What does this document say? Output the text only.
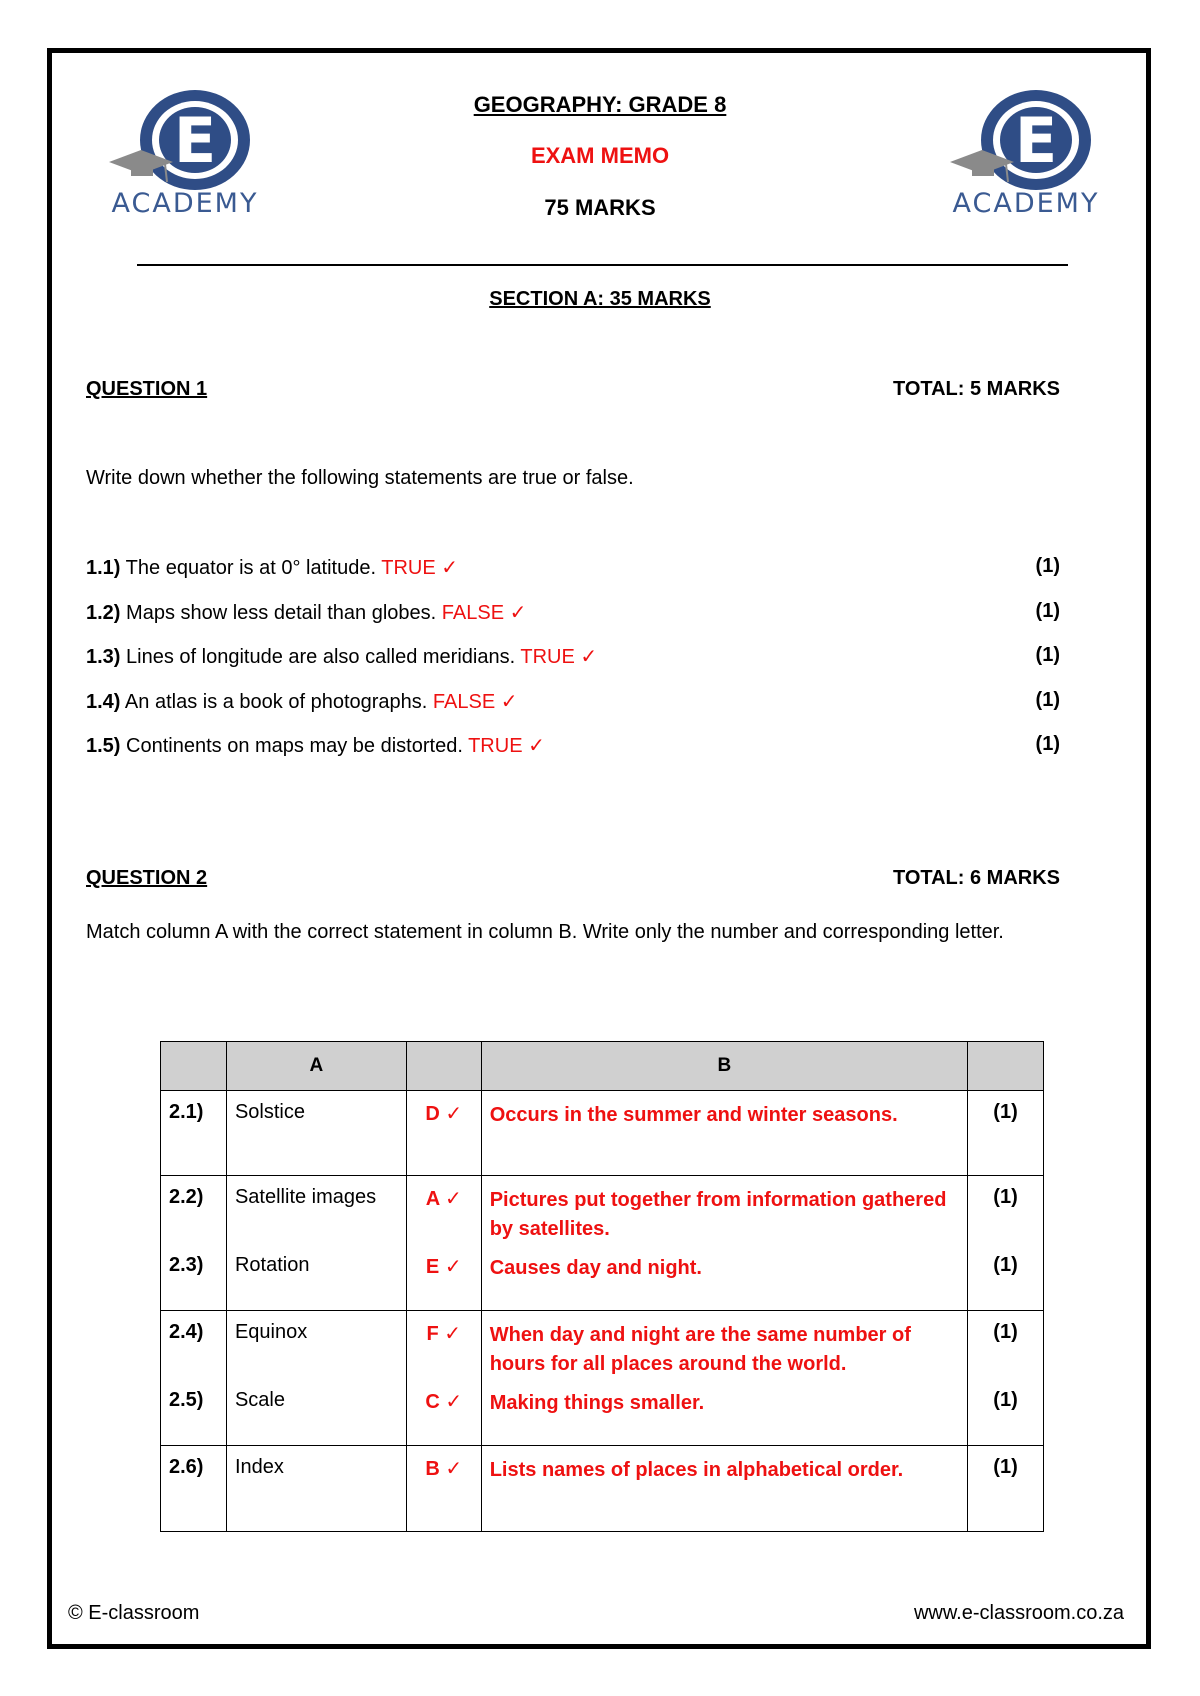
E
ACADEMY
E
ACADEMY
GEOGRAPHY: GRADE 8
EXAM MEMO
75 MARKS
SECTION A: 35 MARKS
QUESTION 1	TOTAL: 5 MARKS
Write down whether the following statements are true or false.
1.1) The equator is at 0° latitude. TRUE ✓	(1)
1.2) Maps show less detail than globes. FALSE ✓	(1)
1.3) Lines of longitude are also called meridians. TRUE ✓	(1)
1.4) An atlas is a book of photographs. FALSE ✓	(1)
1.5) Continents on maps may be distorted. TRUE ✓	(1)
QUESTION 2	TOTAL: 6 MARKS
Match column A with the correct statement in column B. Write only the number and corresponding letter.
	A		B	
2.1)	Solstice	D ✓	Occurs in the summer and winter seasons.	(1)
2.2)	Satellite images	A ✓	Pictures put together from information gathered by satellites.	(1)
2.3)	Rotation	E ✓	Causes day and night.	(1)
2.4)	Equinox	F ✓	When day and night are the same number of hours for all places around the world.	(1)
2.5)	Scale	C ✓	Making things smaller.	(1)
2.6)	Index	B ✓	Lists names of places in alphabetical order.	(1)
© E-classroom	www.e-classroom.co.za
